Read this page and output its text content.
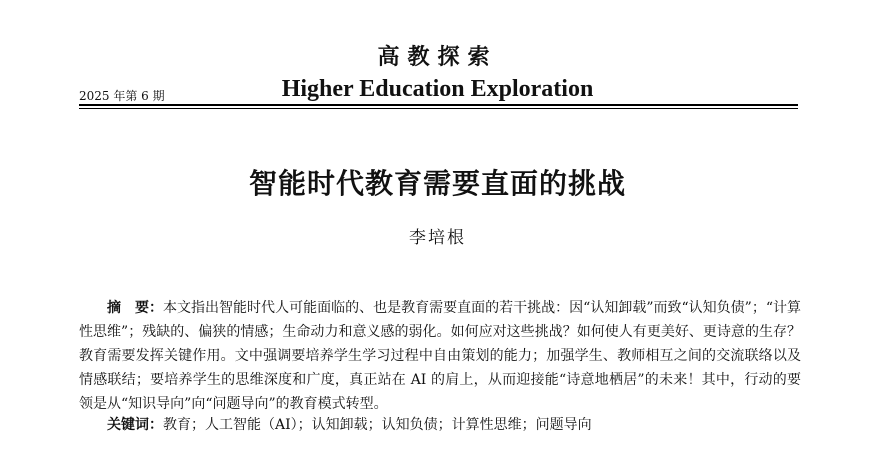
高教探索
Higher Education Exploration
2025 年第 6 期
智能时代教育需要直面的挑战
李培根

摘　要：本文指出智能时代人可能面临的、也是教育需要直面的若干挑战：因“认知卸载”而致“认知负债”；“计算性思维”；残缺的、偏狭的情感；生命动力和意义感的弱化。如何应对这些挑战？如何使人有更美好、更诗意的生存？教育需要发挥关键作用。文中强调要培养学生学习过程中自由策划的能力；加强学生、教师相互之间的交流联络以及情感联结；要培养学生的思维深度和广度，真正站在 AI 的肩上，从而迎接能“诗意地栖居”的未来！其中，行动的要领是从“知识导向”向“问题导向”的教育模式转型。

关键词：教育；人工智能（AI）；认知卸载；认知负债；计算性思维；问题导向
